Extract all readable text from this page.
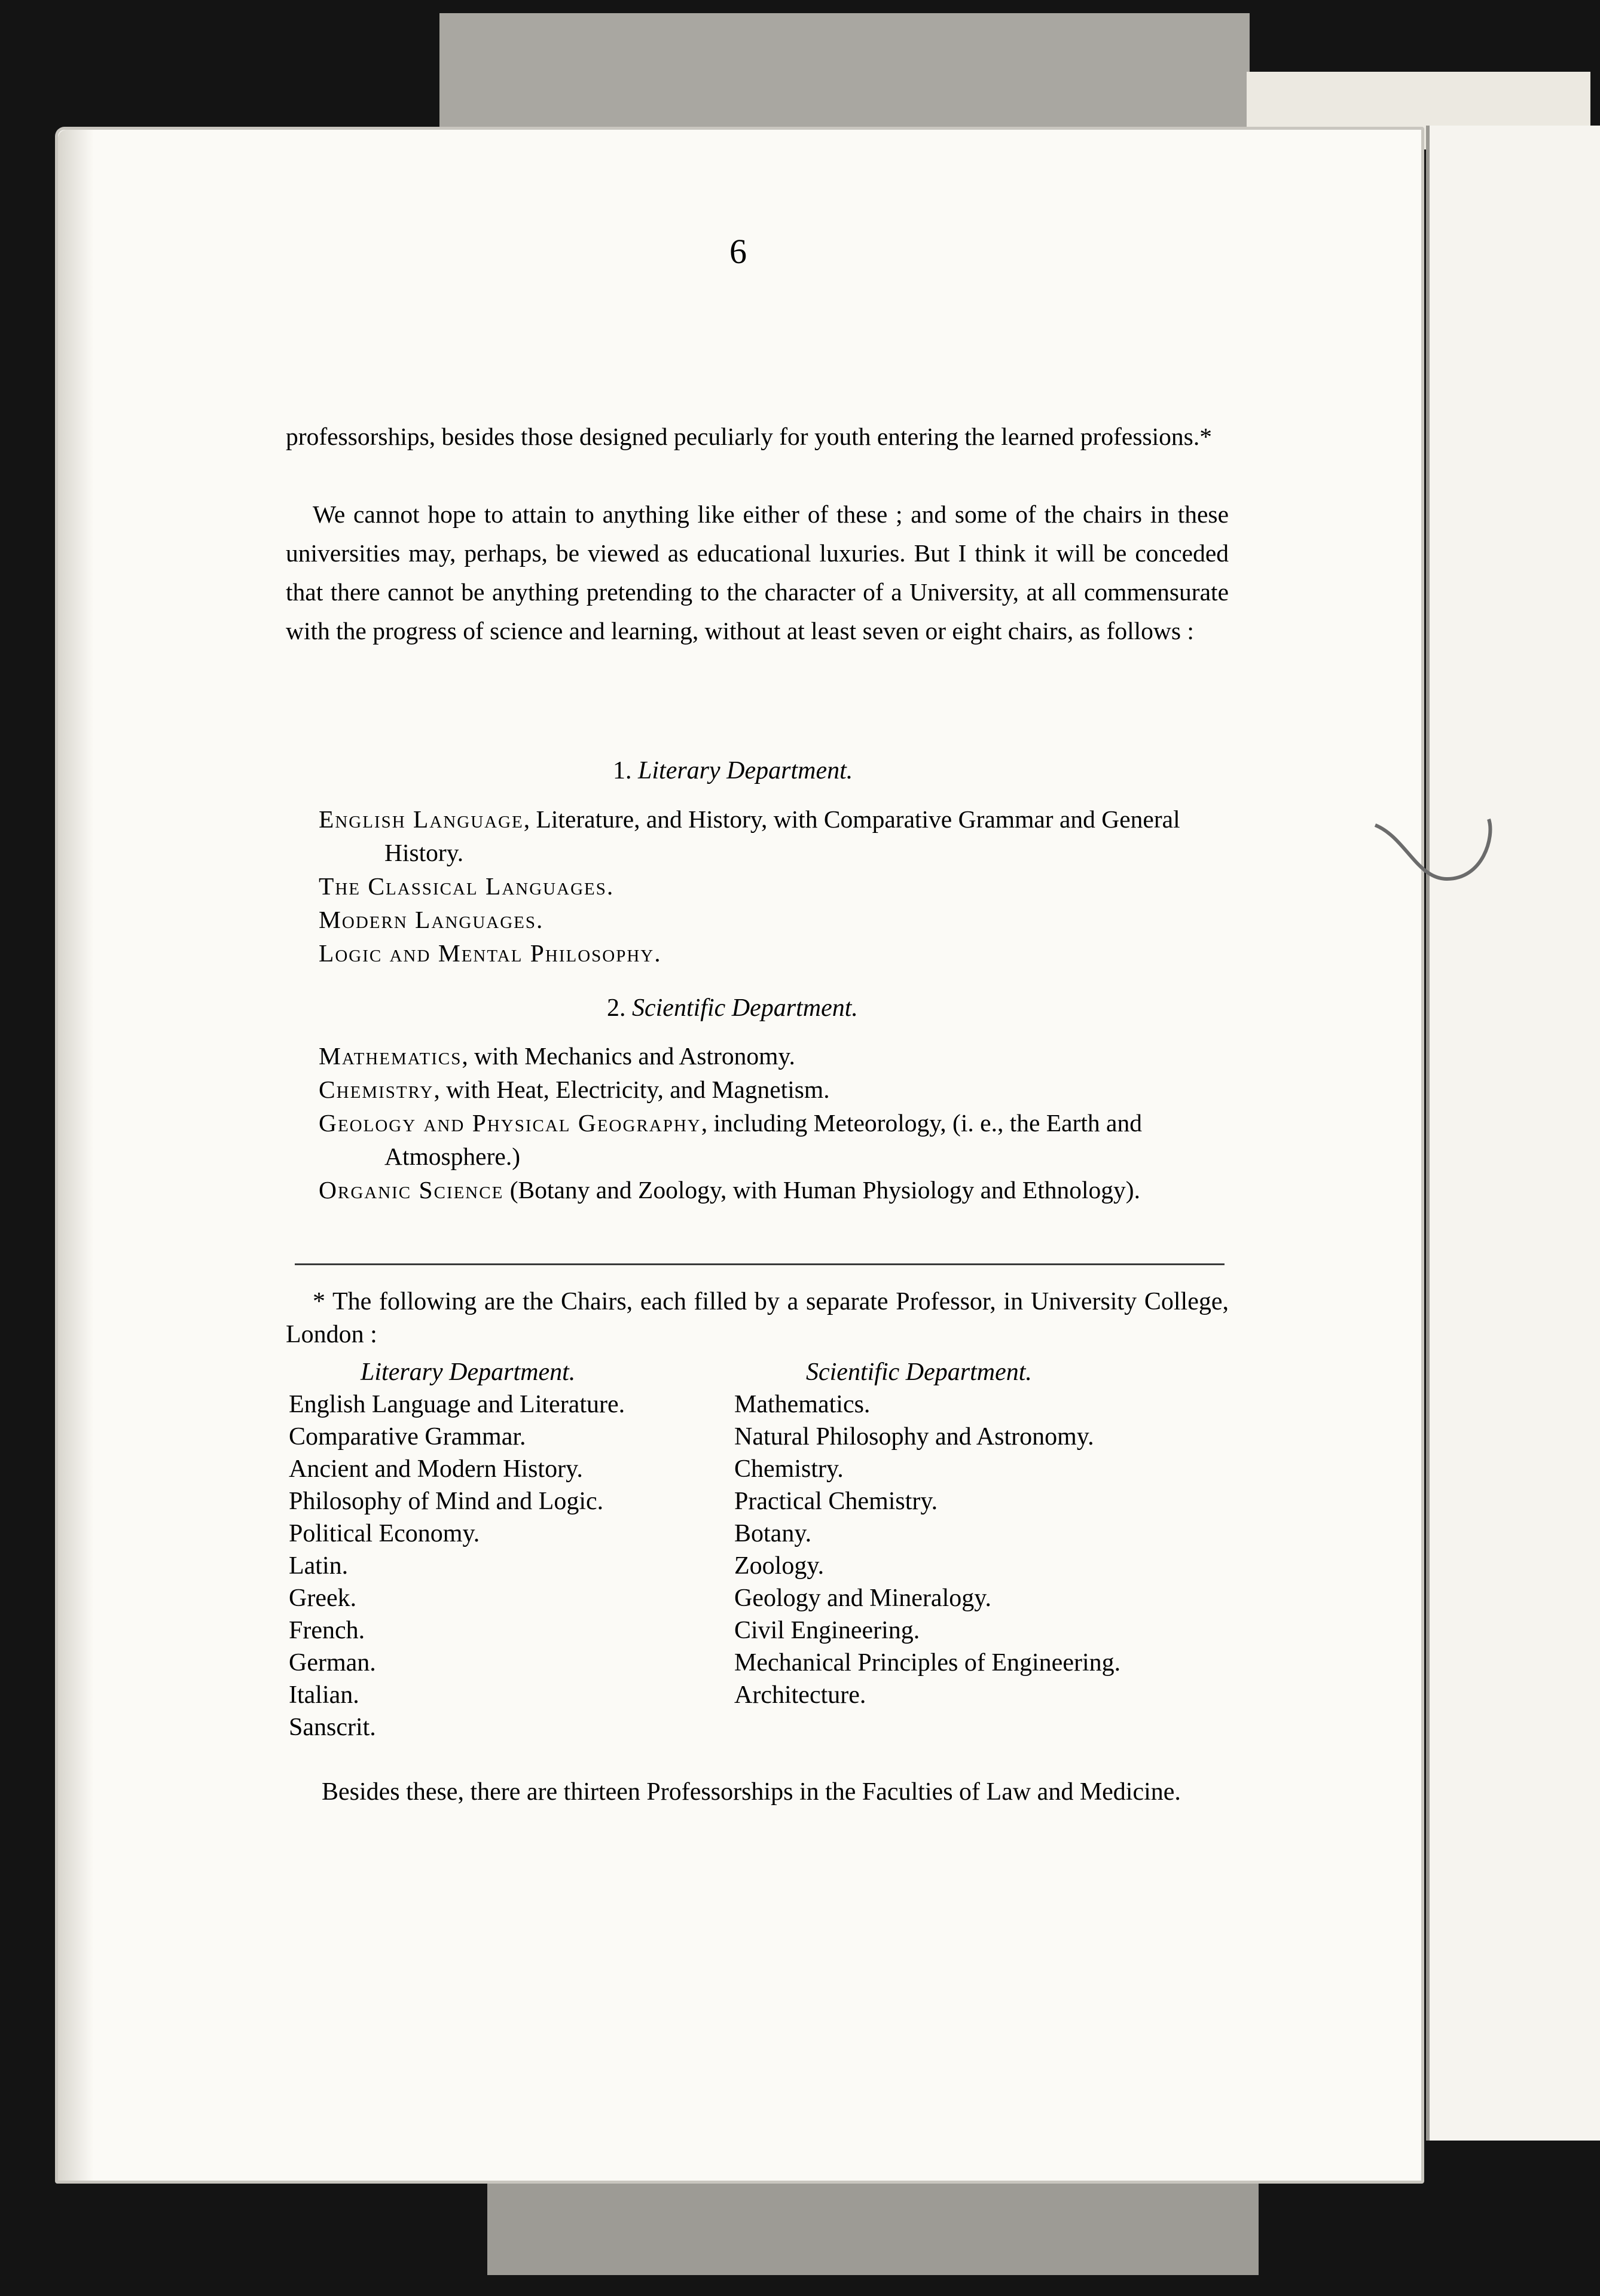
6

professorships, besides those designed peculiarly for youth entering the learned professions.*

We cannot hope to attain to anything like either of these ; and some of the chairs in these universities may, perhaps, be viewed as educational luxuries. But I think it will be conceded that there cannot be anything pretending to the character of a University, at all commensurate with the progress of science and learning, without at least seven or eight chairs, as follows :

1. Literary Department.

English Language, Literature, and History, with Comparative Grammar and General History.

The Classical Languages.

Modern Languages.

Logic and Mental Philosophy.

2. Scientific Department.

Mathematics, with Mechanics and Astronomy.

Chemistry, with Heat, Electricity, and Magnetism.

Geology and Physical Geography, including Meteorology, (i. e., the Earth and Atmosphere.)

Organic Science (Botany and Zoology, with Human Physiology and Ethnology).

* The following are the Chairs, each filled by a separate Professor, in University College, London :

Literary Department.
English Language and Literature.
Comparative Grammar.
Ancient and Modern History.
Philosophy of Mind and Logic.
Political Economy.
Latin.
Greek.
French.
German.
Italian.
Sanscrit.
Scientific Department.
Mathematics.
Natural Philosophy and Astronomy.
Chemistry.
Practical Chemistry.
Botany.
Zoology.
Geology and Mineralogy.
Civil Engineering.
Mechanical Principles of Engineering.
Architecture.

Besides these, there are thirteen Professorships in the Faculties of Law and Medicine.
